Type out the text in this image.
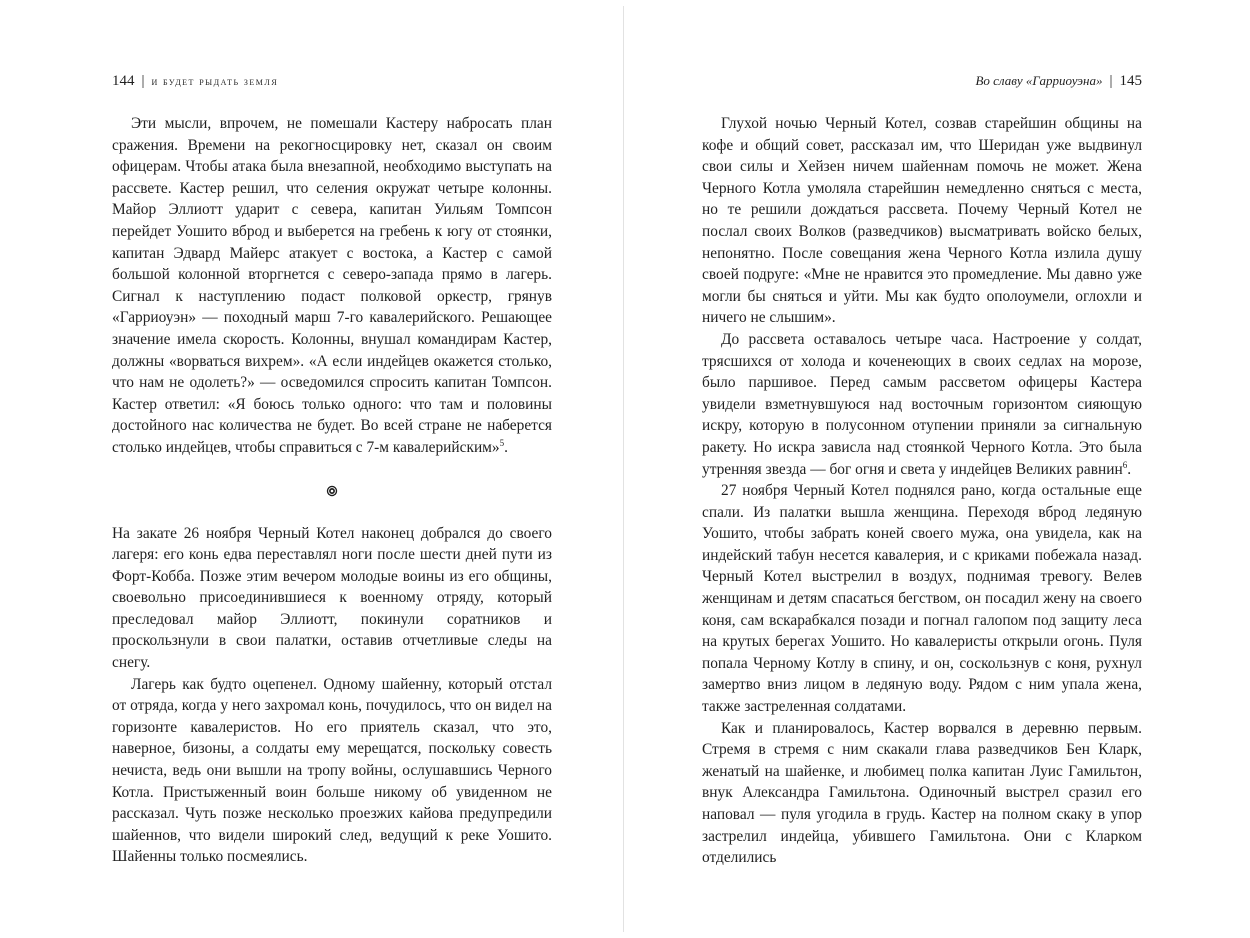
144 | и будет рыдать земля

Эти мысли, впрочем, не помешали Кастеру набросать план сражения. Времени на рекогносцировку нет, сказал он своим офицерам. Чтобы атака была внезапной, необходимо выступать на рассвете. Кастер решил, что селения окружат четыре колонны. Майор Эллиотт ударит с севера, капитан Уильям Томпсон перейдет Уошито вброд и выберется на гребень к югу от стоянки, капитан Эдвард Майерс атакует с востока, а Кастер с самой большой колонной вторгнется с северо-запада прямо в лагерь. Сигнал к наступлению подаст полковой оркестр, грянув «Гарриоуэн» — походный марш 7-го кавалерийского. Решающее значение имела скорость. Колонны, внушал командирам Кастер, должны «ворваться вихрем». «А если индейцев окажется столько, что нам не одолеть?» — осведомился спросить капитан Томпсон. Кастер ответил: «Я боюсь только одного: что там и половины достойного нас количества не будет. Во всей стране не наберется столько индейцев, чтобы справиться с 7-м кавалерийским»$^5$.

На закате 26 ноября Черный Котел наконец добрался до своего лагеря: его конь едва переставлял ноги после шести дней пути из Форт-Кобба. Позже этим вечером молодые воины из его общины, своевольно присоединившиеся к военному отряду, который преследовал майор Эллиотт, покинули соратников и проскользнули в свои палатки, оставив отчетливые следы на снегу.

Лагерь как будто оцепенел. Одному шайенну, который отстал от отряда, когда у него захромал конь, почудилось, что он видел на горизонте кавалеристов. Но его приятель сказал, что это, наверное, бизоны, а солдаты ему мерещатся, поскольку совесть нечиста, ведь они вышли на тропу войны, ослушавшись Черного Котла. Пристыженный воин больше никому об увиденном не рассказал. Чуть позже несколько проезжих кайова предупредили шайеннов, что видели широкий след, ведущий к реке Уошито. Шайенны только посмеялись.

Во славу «Гарриоуэна» | 145

Глухой ночью Черный Котел, созвав старейшин общины на кофе и общий совет, рассказал им, что Шеридан уже выдвинул свои силы и Хейзен ничем шайеннам помочь не может. Жена Черного Котла умоляла старейшин немедленно сняться с места, но те решили дождаться рассвета. Почему Черный Котел не послал своих Волков (разведчиков) высматривать войско белых, непонятно. После совещания жена Черного Котла излила душу своей подруге: «Мне не нравится это промедление. Мы давно уже могли бы сняться и уйти. Мы как будто ополоумели, оглохли и ничего не слышим».

До рассвета оставалось четыре часа. Настроение у солдат, трясшихся от холода и коченеющих в своих седлах на морозе, было паршивое. Перед самым рассветом офицеры Кастера увидели взметнувшуюся над восточным горизонтом сияющую искру, которую в полусонном отупении приняли за сигнальную ракету. Но искра зависла над стоянкой Черного Котла. Это была утренняя звезда — бог огня и света у индейцев Великих равнин$^6$.

27 ноября Черный Котел поднялся рано, когда остальные еще спали. Из палатки вышла женщина. Переходя вброд ледяную Уошито, чтобы забрать коней своего мужа, она увидела, как на индейский табун несется кавалерия, и с криками побежала назад. Черный Котел выстрелил в воздух, поднимая тревогу. Велев женщинам и детям спасаться бегством, он посадил жену на своего коня, сам вскарабкался позади и погнал галопом под защиту леса на крутых берегах Уошито. Но кавалеристы открыли огонь. Пуля попала Черному Котлу в спину, и он, соскользнув с коня, рухнул замертво вниз лицом в ледяную воду. Рядом с ним упала жена, также застреленная солдатами.

Как и планировалось, Кастер ворвался в деревню первым. Стремя в стремя с ним скакали глава разведчиков Бен Кларк, женатый на шайенке, и любимец полка капитан Луис Гамильтон, внук Александра Гамильтона. Одиночный выстрел сразил его наповал — пуля угодила в грудь. Кастер на полном скаку в упор застрелил индейца, убившего Гамильтона. Они с Кларком отделились
